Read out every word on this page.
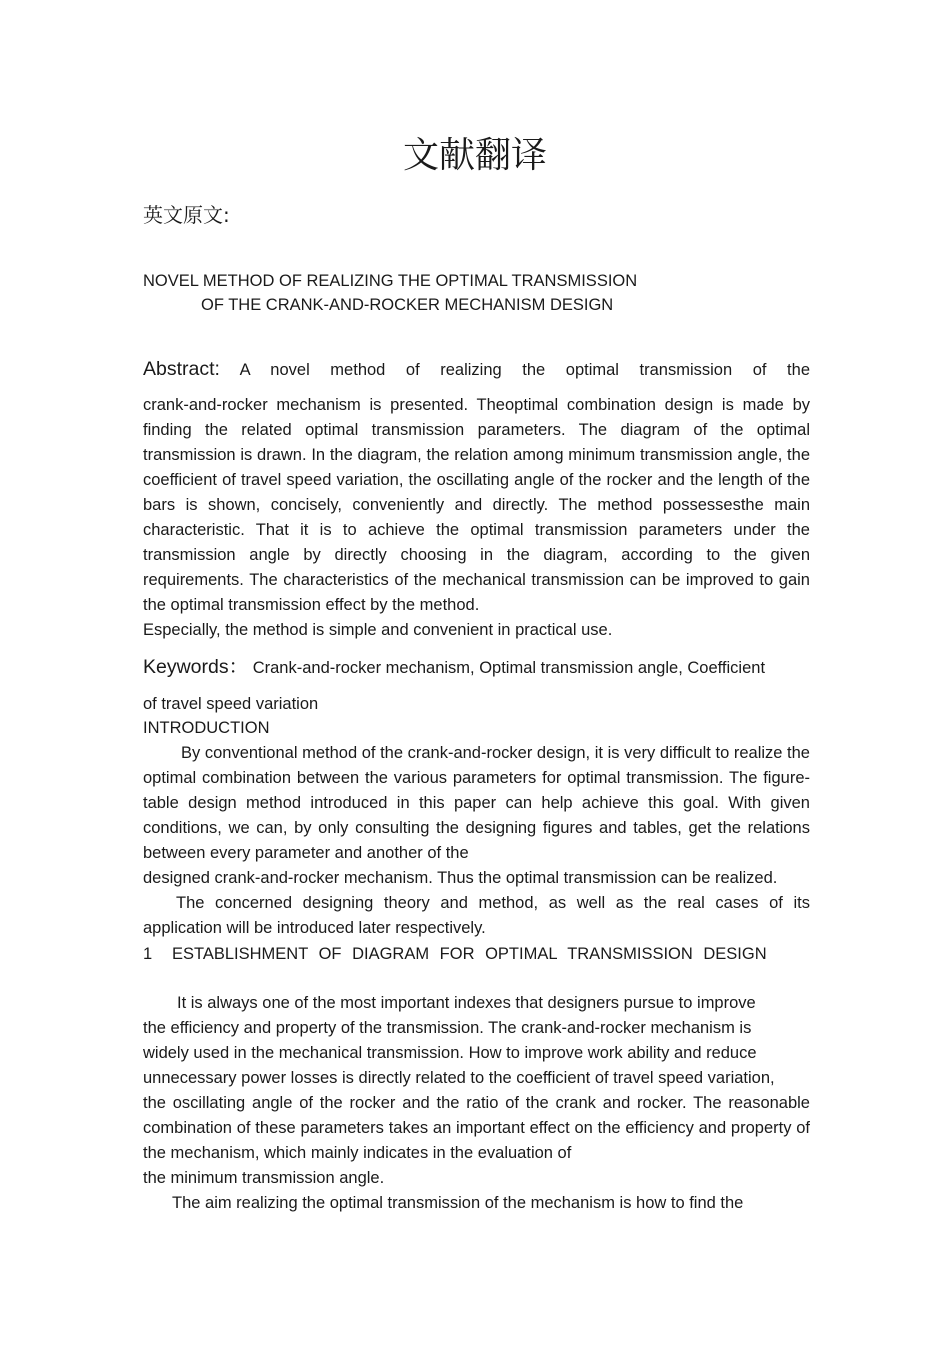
文献翻译
英文原文:
NOVEL METHOD OF REALIZING THE OPTIMAL TRANSMISSION
OF THE CRANK-AND-ROCKER MECHANISM DESIGN
Abstract: A novel method of realizing the optimal transmission of the
crank-and-rocker mechanism is presented. Theoptimal combination design is made by finding the related optimal transmission parameters. The diagram of the optimal transmission is drawn. In the diagram, the relation among minimum transmission angle, the coefficient of travel speed variation, the oscillating angle of the rocker and the length of the bars is shown, concisely, conveniently and directly. The method possessesthe main characteristic. That it is to achieve the optimal transmission parameters under the transmission angle by directly choosing in the diagram, according to the given requirements. The characteristics of the mechanical transmission can be improved to gain the optimal transmission effect by the method.
Especially, the method is simple and convenient in practical use.
Keywords： Crank-and-rocker mechanism, Optimal transmission angle, Coefficient
of travel speed variation
INTRODUCTION
By conventional method of the crank-and-rocker design, it is very difficult to realize the optimal combination between the various parameters for optimal transmission. The figure-table design method introduced in this paper can help achieve this goal. With given conditions, we can, by only consulting the designing figures and tables, get the relations between every parameter and another of the
designed crank-and-rocker mechanism. Thus the optimal transmission can be realized.
The concerned designing theory and method, as well as the real cases of its
application will be introduced later respectively.
1	ESTABLISHMENT OF DIAGRAM FOR OPTIMAL TRANSMISSION DESIGN
It is always one of the most important indexes that designers pursue to improve
the efficiency and property of the transmission. The crank-and-rocker mechanism is
widely used in the mechanical transmission. How to improve work ability and reduce
unnecessary power losses is directly related to the coefficient of travel speed variation,
the oscillating angle of the rocker and the ratio of the crank and rocker. The reasonable combination of these parameters takes an important effect on the efficiency and property of the mechanism, which mainly indicates in the evaluation of
the minimum transmission angle.
The aim realizing the optimal transmission of the mechanism is how to find the
